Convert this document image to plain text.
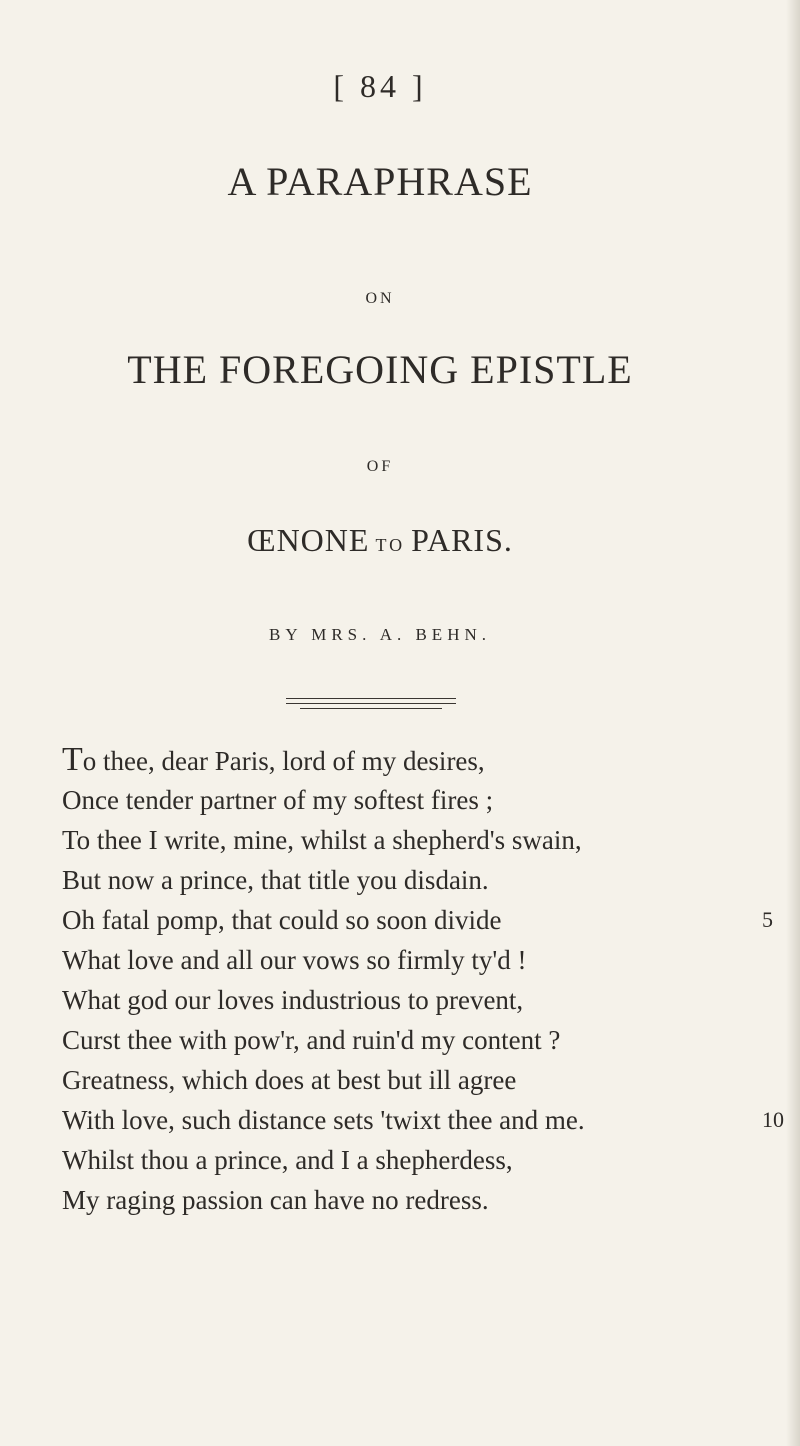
[ 84 ]
A PARAPHRASE
ON
THE FOREGOING EPISTLE
OF
ŒNONE TO PARIS.
BY MRS. A. BEHN.
To thee, dear Paris, lord of my desires,
Once tender partner of my softest fires ;
To thee I write, mine, whilst a shepherd's swain,
But now a prince, that title you disdain.
Oh fatal pomp, that could so soon divide	5
What love and all our vows so firmly ty'd !
What god our loves industrious to prevent,
Curst thee with pow'r, and ruin'd my content ?
Greatness, which does at best but ill agree
With love, such distance sets 'twixt thee and me.	10
Whilst thou a prince, and I a shepherdess,
My raging passion can have no redress.
